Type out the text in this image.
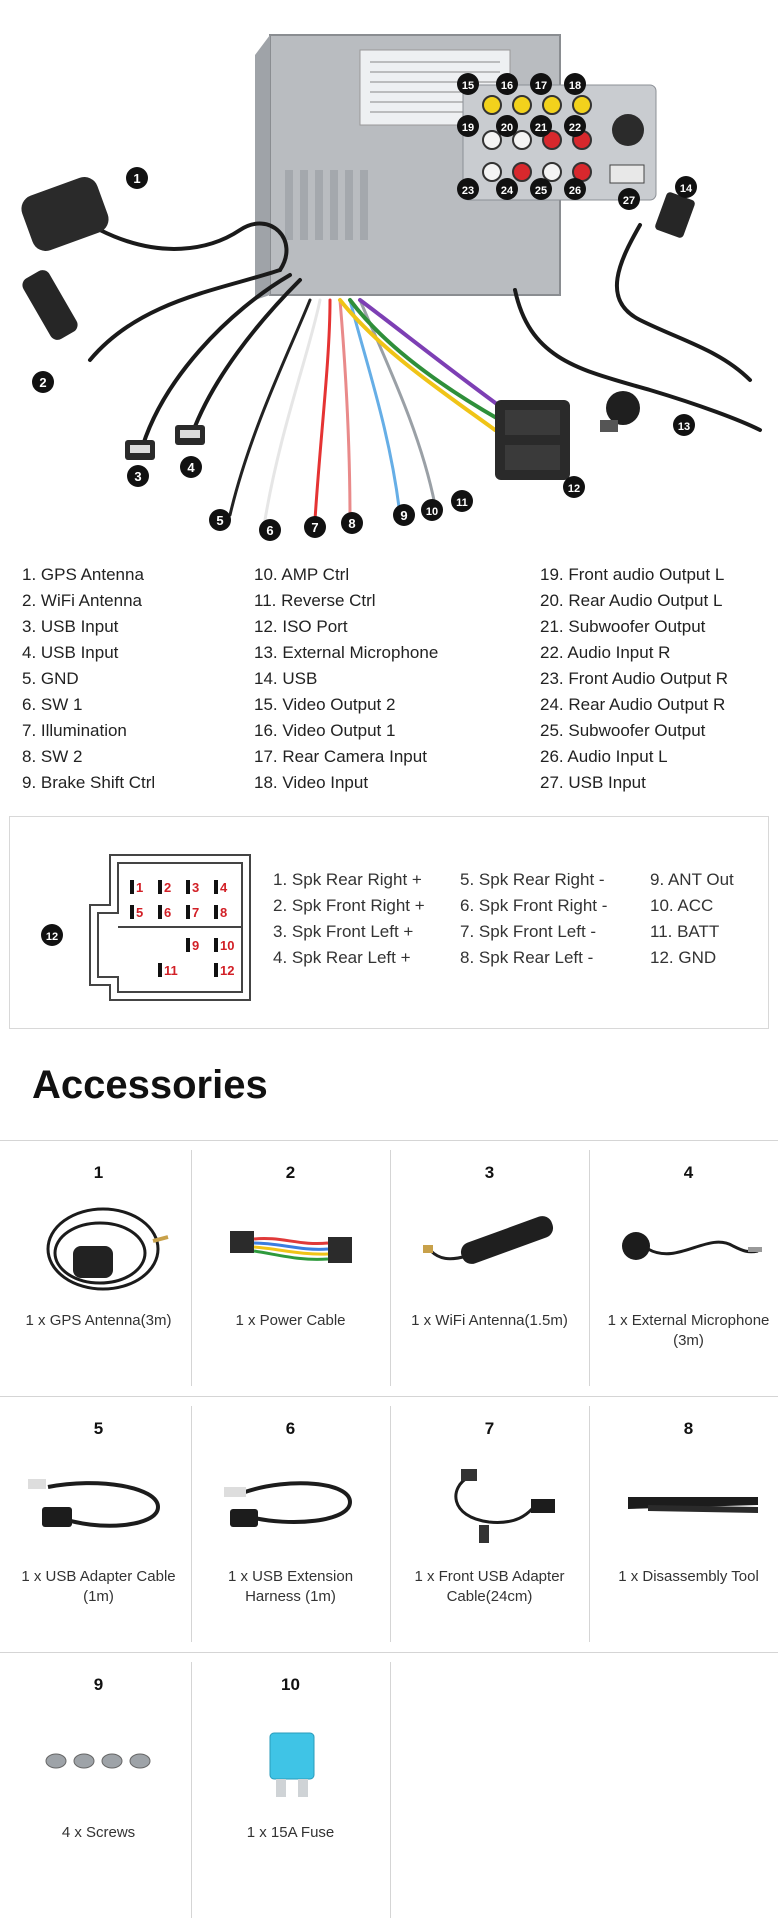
1
2
3
4
5
6	7 8
9 10
11
12
13
14
15 16 17 18
19 20 21 22
23 24 25 26
27
1. GPS Antenna
2. WiFi Antenna
3. USB Input
4. USB Input
5. GND
6. SW 1
7. Illumination
8. SW 2
9. Brake Shift Ctrl
10. AMP Ctrl
11. Reverse Ctrl
12. ISO Port
13. External Microphone
14. USB
15. Video Output 2
16. Video Output 1
17. Rear Camera Input
18. Video Input
19. Front audio Output L
20. Rear Audio Output L
21. Subwoofer Output
22. Audio Input R
23. Front Audio Output R
24. Rear Audio Output R
25. Subwoofer Output
26. Audio Input L
27. USB Input
12
1 2 3 4
5 6 7 8
9 10
11	12
1. Spk Rear Right +
2. Spk Front Right +
3. Spk Front Left +
4. Spk Rear Left +
5. Spk Rear Right -
6. Spk Front Right -
7. Spk Front Left -
8. Spk Rear Left -
9. ANT Out
10. ACC
11. BATT
12. GND
Accessories
1
1 x GPS Antenna(3m)
2
1 x Power Cable
3
1 x WiFi Antenna(1.5m)
4
1 x External Microphone (3m)
5
1 x USB Adapter Cable (1m)
6
1 x USB Extension Harness (1m)
7
1 x Front USB Adapter Cable(24cm)
8
1 x Disassembly Tool
9
4 x Screws
10
1 x 15A Fuse
